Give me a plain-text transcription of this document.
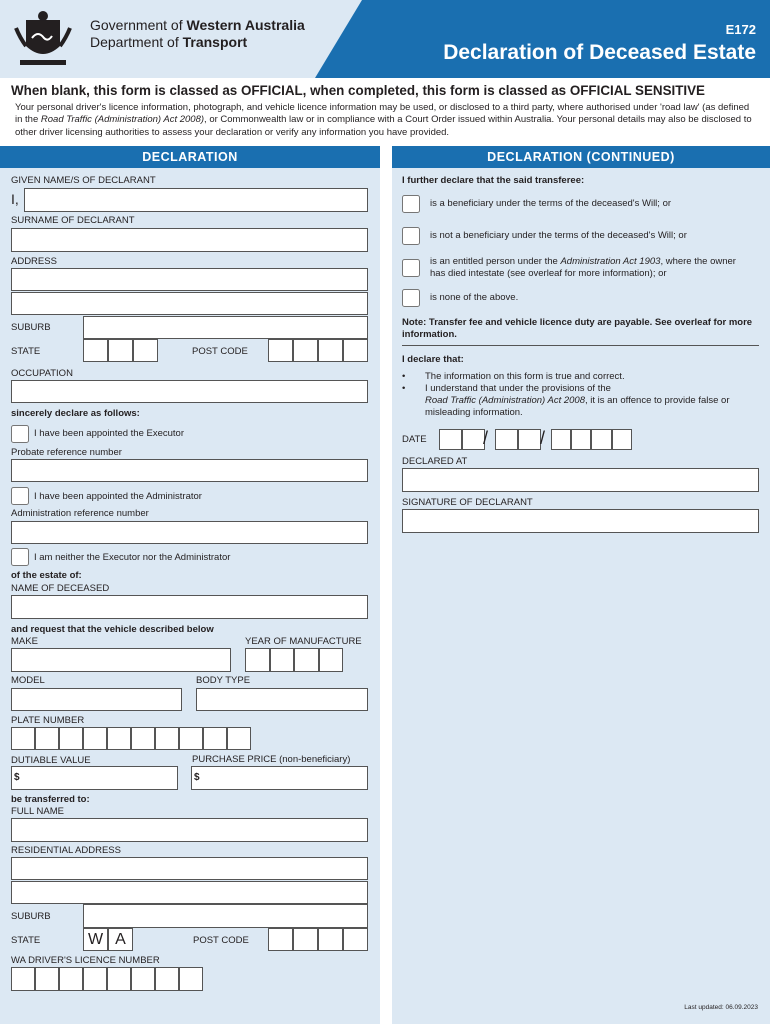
Government of Western Australia
Department of Transport
E172
Declaration of Deceased Estate
When blank, this form is classed as OFFICIAL, when completed, this form is classed as OFFICIAL SENSITIVE
Your personal driver's licence information, photograph, and vehicle licence information may be used, or disclosed to a third party, where authorised under 'road law' (as defined in the Road Traffic (Administration) Act 2008), or Commonwealth law or in compliance with a Court Order issued within Australia. Your personal details may also be disclosed to other driver licensing authorities to assess your declaration or verify any information you have provided.
DECLARATION
GIVEN NAME/S OF DECLARANT
I,
SURNAME OF DECLARANT
ADDRESS
SUBURB
STATE	POST CODE
OCCUPATION
sincerely declare as follows:
I have been appointed the Executor
Probate reference number
I have been appointed the Administrator
Administration reference number
I am neither the Executor nor the Administrator
of the estate of:
NAME OF DECEASED
and request that the vehicle described below
MAKE	YEAR OF MANUFACTURE
MODEL	BODY TYPE
PLATE NUMBER
DUTIABLE VALUE	PURCHASE PRICE (non-beneficiary)
$	$
be transferred to:
FULL NAME
RESIDENTIAL ADDRESS
SUBURB
STATE	W A	POST CODE
WA DRIVER'S LICENCE NUMBER
DECLARATION (CONTINUED)
I further declare that the said transferee:
is a beneficiary under the terms of the deceased's Will; or
is not a beneficiary under the terms of the deceased's Will; or
is an entitled person under the Administration Act 1903, where the owner has died intestate (see overleaf for more information); or
is none of the above.
Note: Transfer fee and vehicle licence duty are payable. See overleaf for more information.
I declare that:
• The information on this form is true and correct.
• I understand that under the provisions of the
Road Traffic (Administration) Act 2008, it is an offence to provide false or misleading information.
DATE	/	/
DECLARED AT
SIGNATURE OF DECLARANT
Last updated: 06.09.2023
